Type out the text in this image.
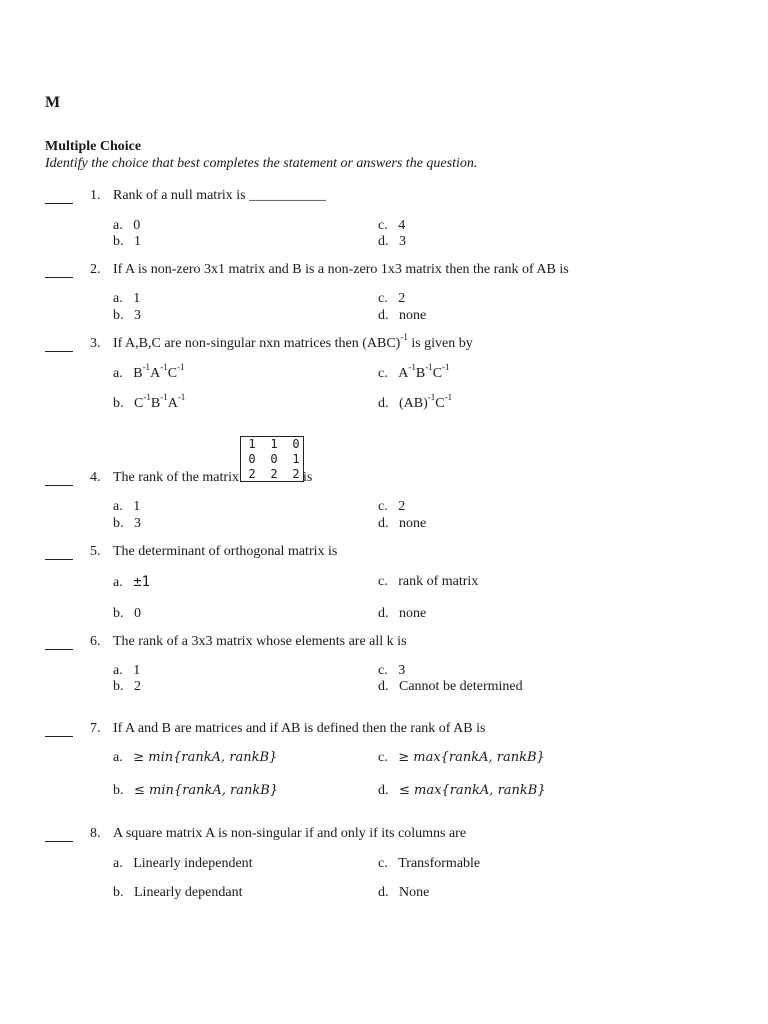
M
Multiple Choice
Identify the choice that best completes the statement or answers the question.
1. Rank of a null matrix is ___________
a. 0
b. 1
c. 4
d. 3
2. If A is non-zero 3x1 matrix and B is a non-zero 1x3 matrix then the rank of AB is
a. 1
b. 3
c. 2
d. none
3. If A,B,C are non-singular nxn matrices then (ABC)$^{-1}$ is given by
a. $B^{-1}A^{-1}C^{-1}$
b. $C^{-1}B^{-1}A^{-1}$
c. $A^{-1}B^{-1}C^{-1}$
d. $(AB)^{-1}C^{-1}$
1 1 0
0 0 1
2 2 2
4. The rank of the matrix	is
a. 1
b. 3
c. 2
d. none
5. The determinant of orthogonal matrix is
a. ±1
b. 0
c. rank of matrix
d. none
6. The rank of a 3x3 matrix whose elements are all k is
a. 1
b. 2
c. 3
d. Cannot be determined
7. If A and B are matrices and if AB is defined then the rank of AB is
a. ≥ min{rankA, rankB}
b. ≤ min{rankA, rankB}
c. ≥ max{rankA, rankB}
d. ≤ max{rankA, rankB}
8. A square matrix A is non-singular if and only if its columns are
a. Linearly independent
b. Linearly dependant
c. Transformable
d. None
